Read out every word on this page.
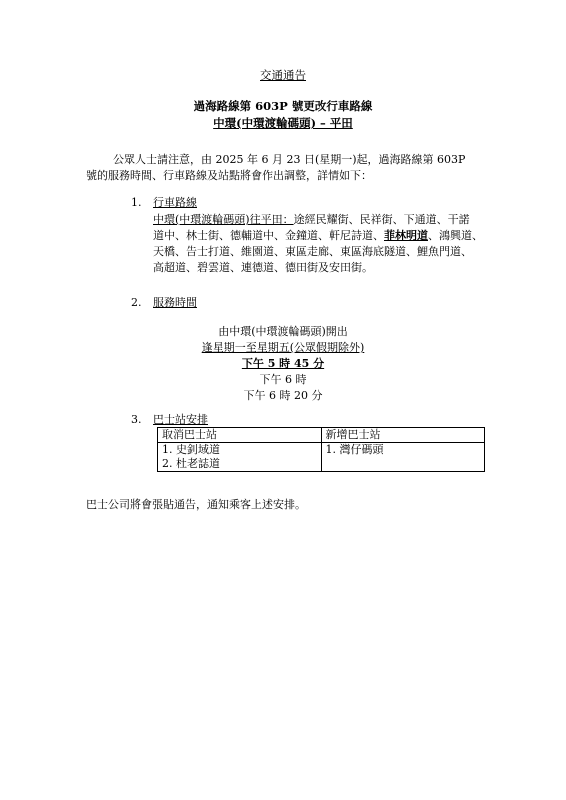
交通通告
過海路線第 603P 號更改行車路線
中環(中環渡輪碼頭) – 平田
公眾人士請注意，由 2025 年 6 月 23 日(星期一)起，過海路線第 603P
號的服務時間、行車路線及站點將會作出調整，詳情如下：
1. 行車路線
中環(中環渡輪碼頭)往平田：途經民耀街、民祥街、下通道、干諾
道中、林士街、德輔道中、金鐘道、軒尼詩道、菲林明道、鴻興道、
天橋、告士打道、維園道、東區走廊、東區海底隧道、鯉魚門道、
高超道、碧雲道、連德道、德田街及安田街。
2. 服務時間
由中環(中環渡輪碼頭)開出
逢星期一至星期五(公眾假期除外)
下午 5 時 45 分
下午 6 時
下午 6 時 20 分
3. 巴士站安排
取消巴士站	新增巴士站
1. 史釗域道	1. 灣仔碼頭
2. 杜老誌道	
巴士公司將會張貼通告，通知乘客上述安排。
